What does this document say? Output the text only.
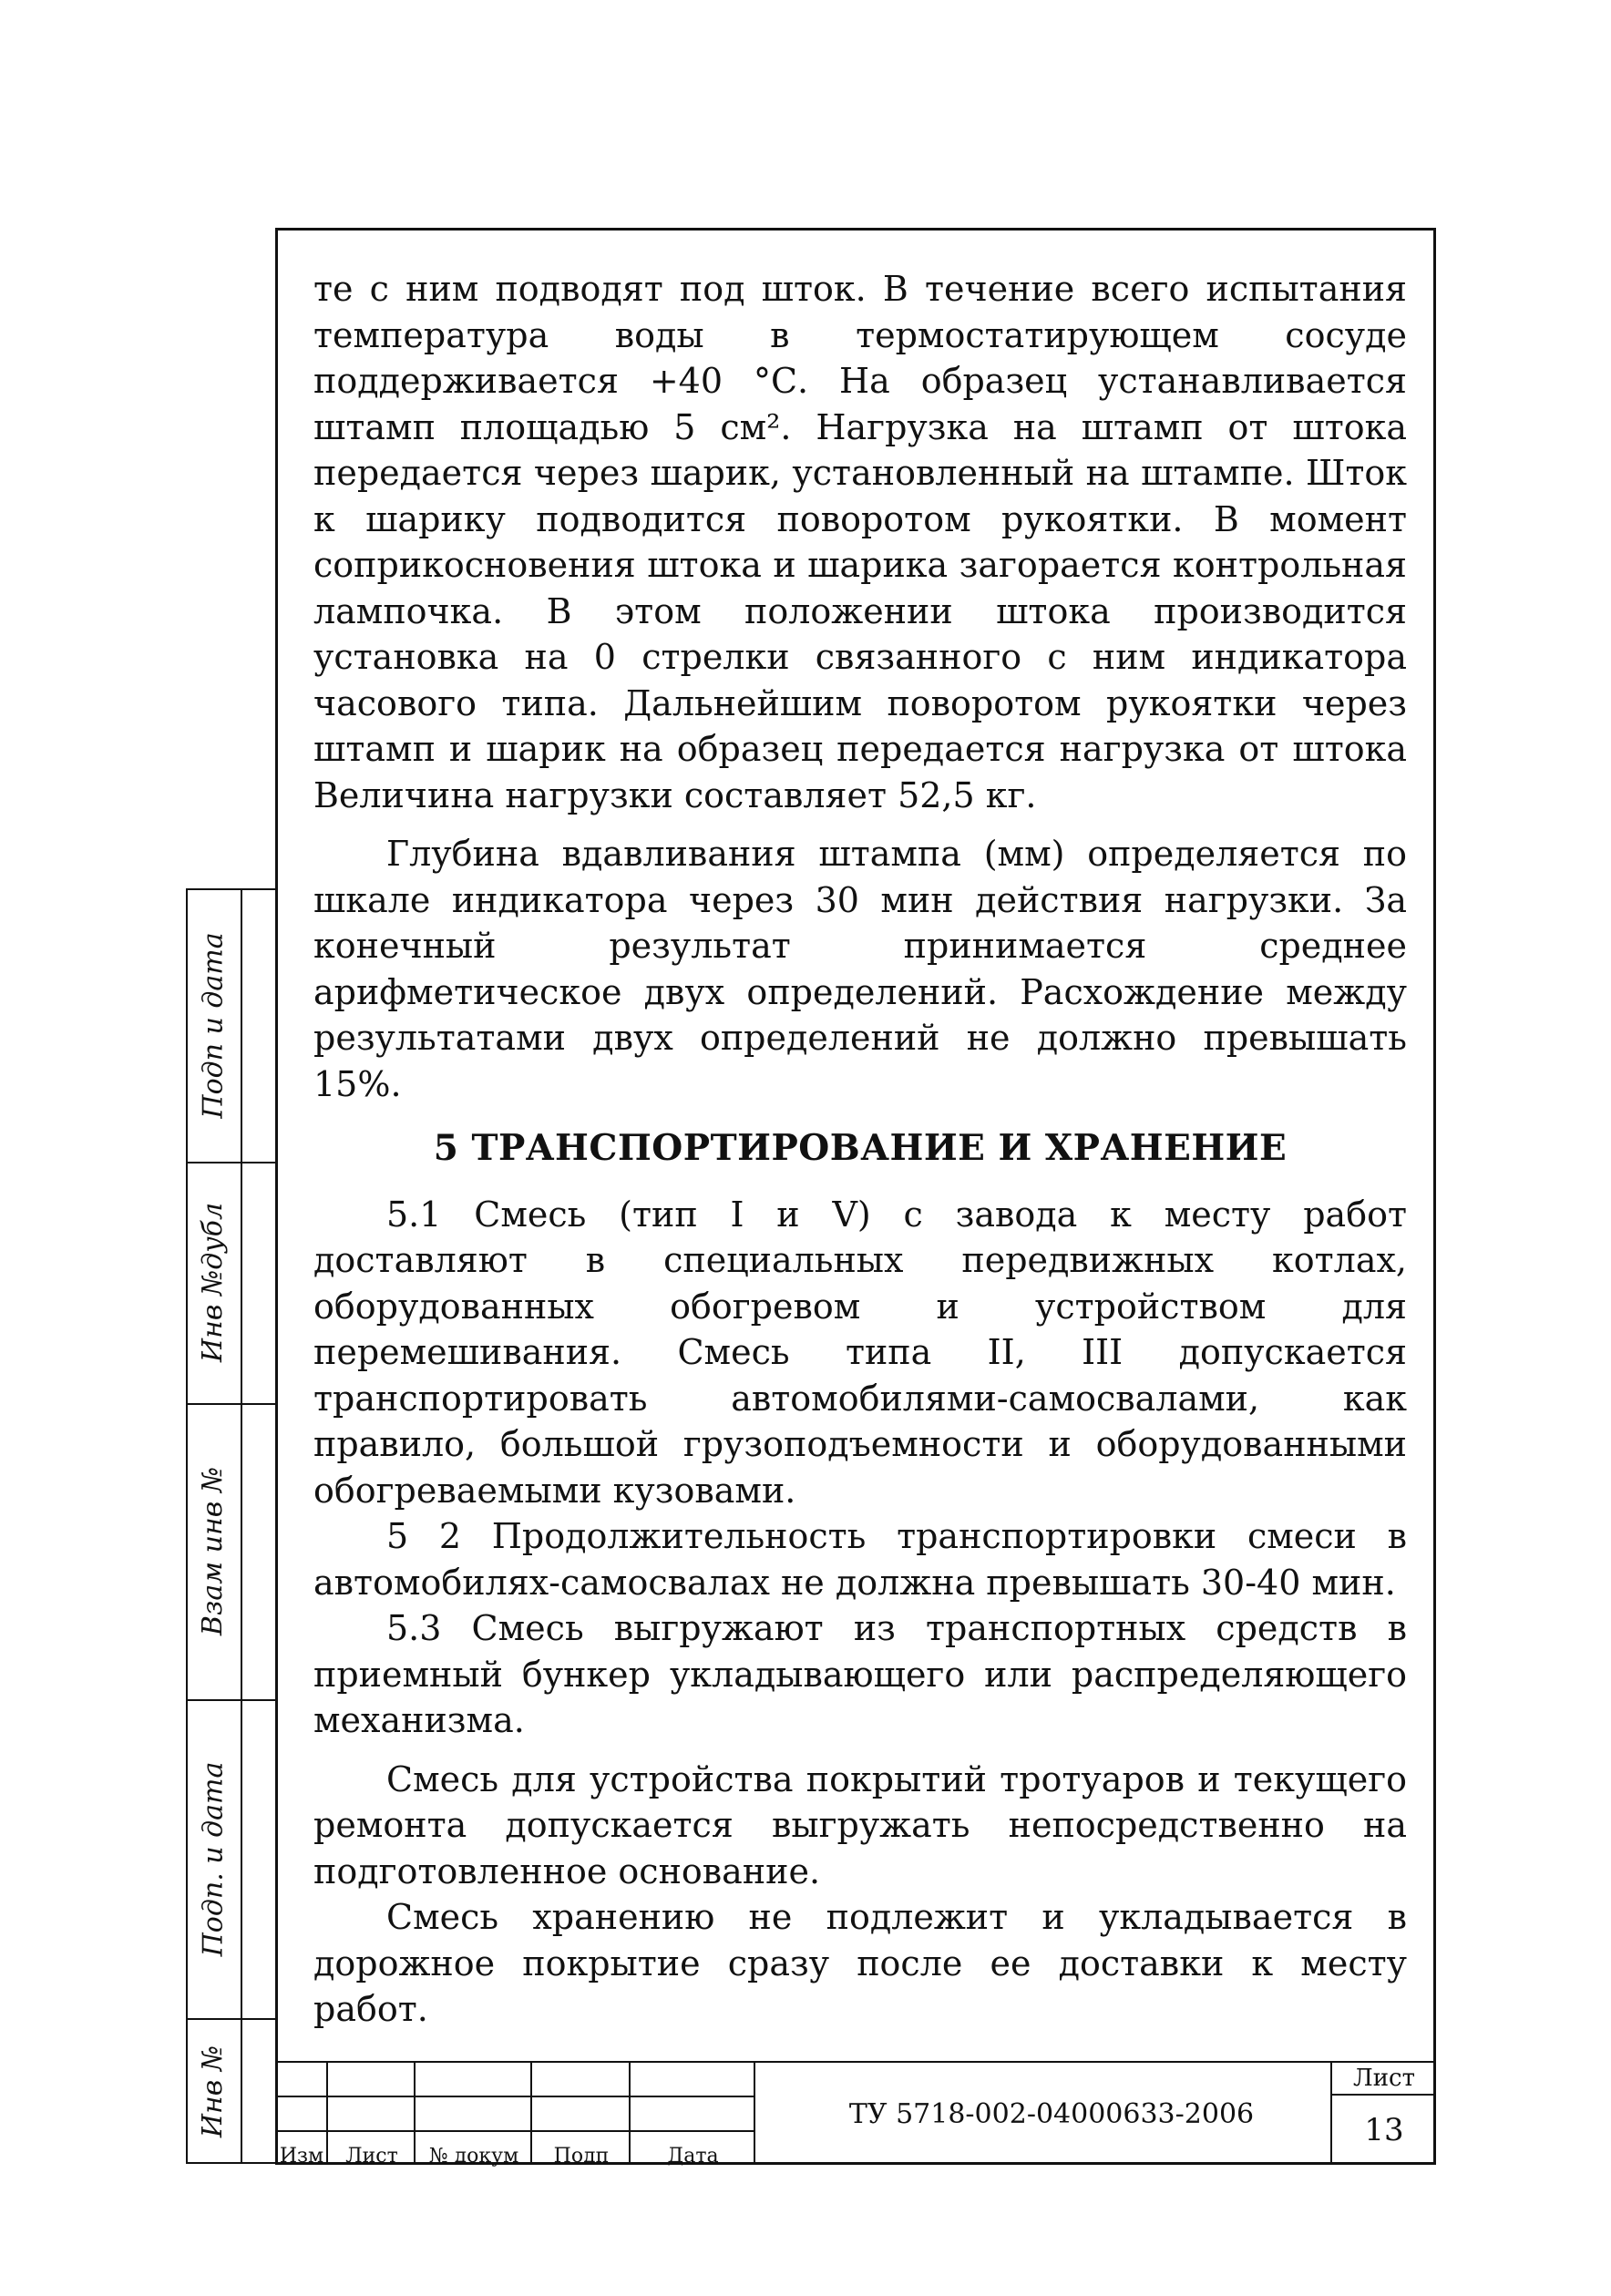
Подп и дата
Инв №дубл
Взам инв №
Подп. и дата
Инв №

те с ним подводят под шток. В течение всего испытания температура воды в термостатирующем сосуде поддерживается +40 °С. На образец устанавливается штамп площадью 5 см². Нагрузка на штамп от штока передается через шарик, установленный на штампе. Шток к шарику подводится поворотом рукоятки. В момент соприкосновения штока и шарика загорается контрольная лампочка. В этом положении штока производится установка на 0 стрелки связанного с ним индикатора часового типа. Дальнейшим поворотом рукоятки через штамп и шарик на образец передается нагрузка от штока Величина нагрузки составляет 52,5 кг.

Глубина вдавливания штампа (мм) определяется по шкале индикатора через 30 мин действия нагрузки. За конечный результат принимается среднее арифметическое двух определений. Расхождение между результатами двух определений не должно превышать 15%.

5 ТРАНСПОРТИРОВАНИЕ И ХРАНЕНИЕ

5.1 Смесь (тип I и V) с завода к месту работ доставляют в специальных передвижных котлах, оборудованных обогревом и устройством для перемешивания. Смесь типа II, III допускается транспортировать автомобилями-самосвалами, как правило, большой грузоподъемности и оборудованными обогреваемыми кузовами.

5 2 Продолжительность транспортировки смеси в автомобилях-самосвалах не должна превышать 30-40 мин.

5.3 Смесь выгружают из транспортных средств в приемный бункер укладывающего или распределяющего механизма.

Смесь для устройства покрытий тротуаров и текущего ремонта допускается выгружать непосредственно на подготовленное основание.

Смесь хранению не подлежит и укладывается в дорожное покрытие сразу после ее доставки к месту работ.

Изм	Лист	№ докум	Подп	Дата
ТУ 5718-002-04000633-2006
Лист
13
